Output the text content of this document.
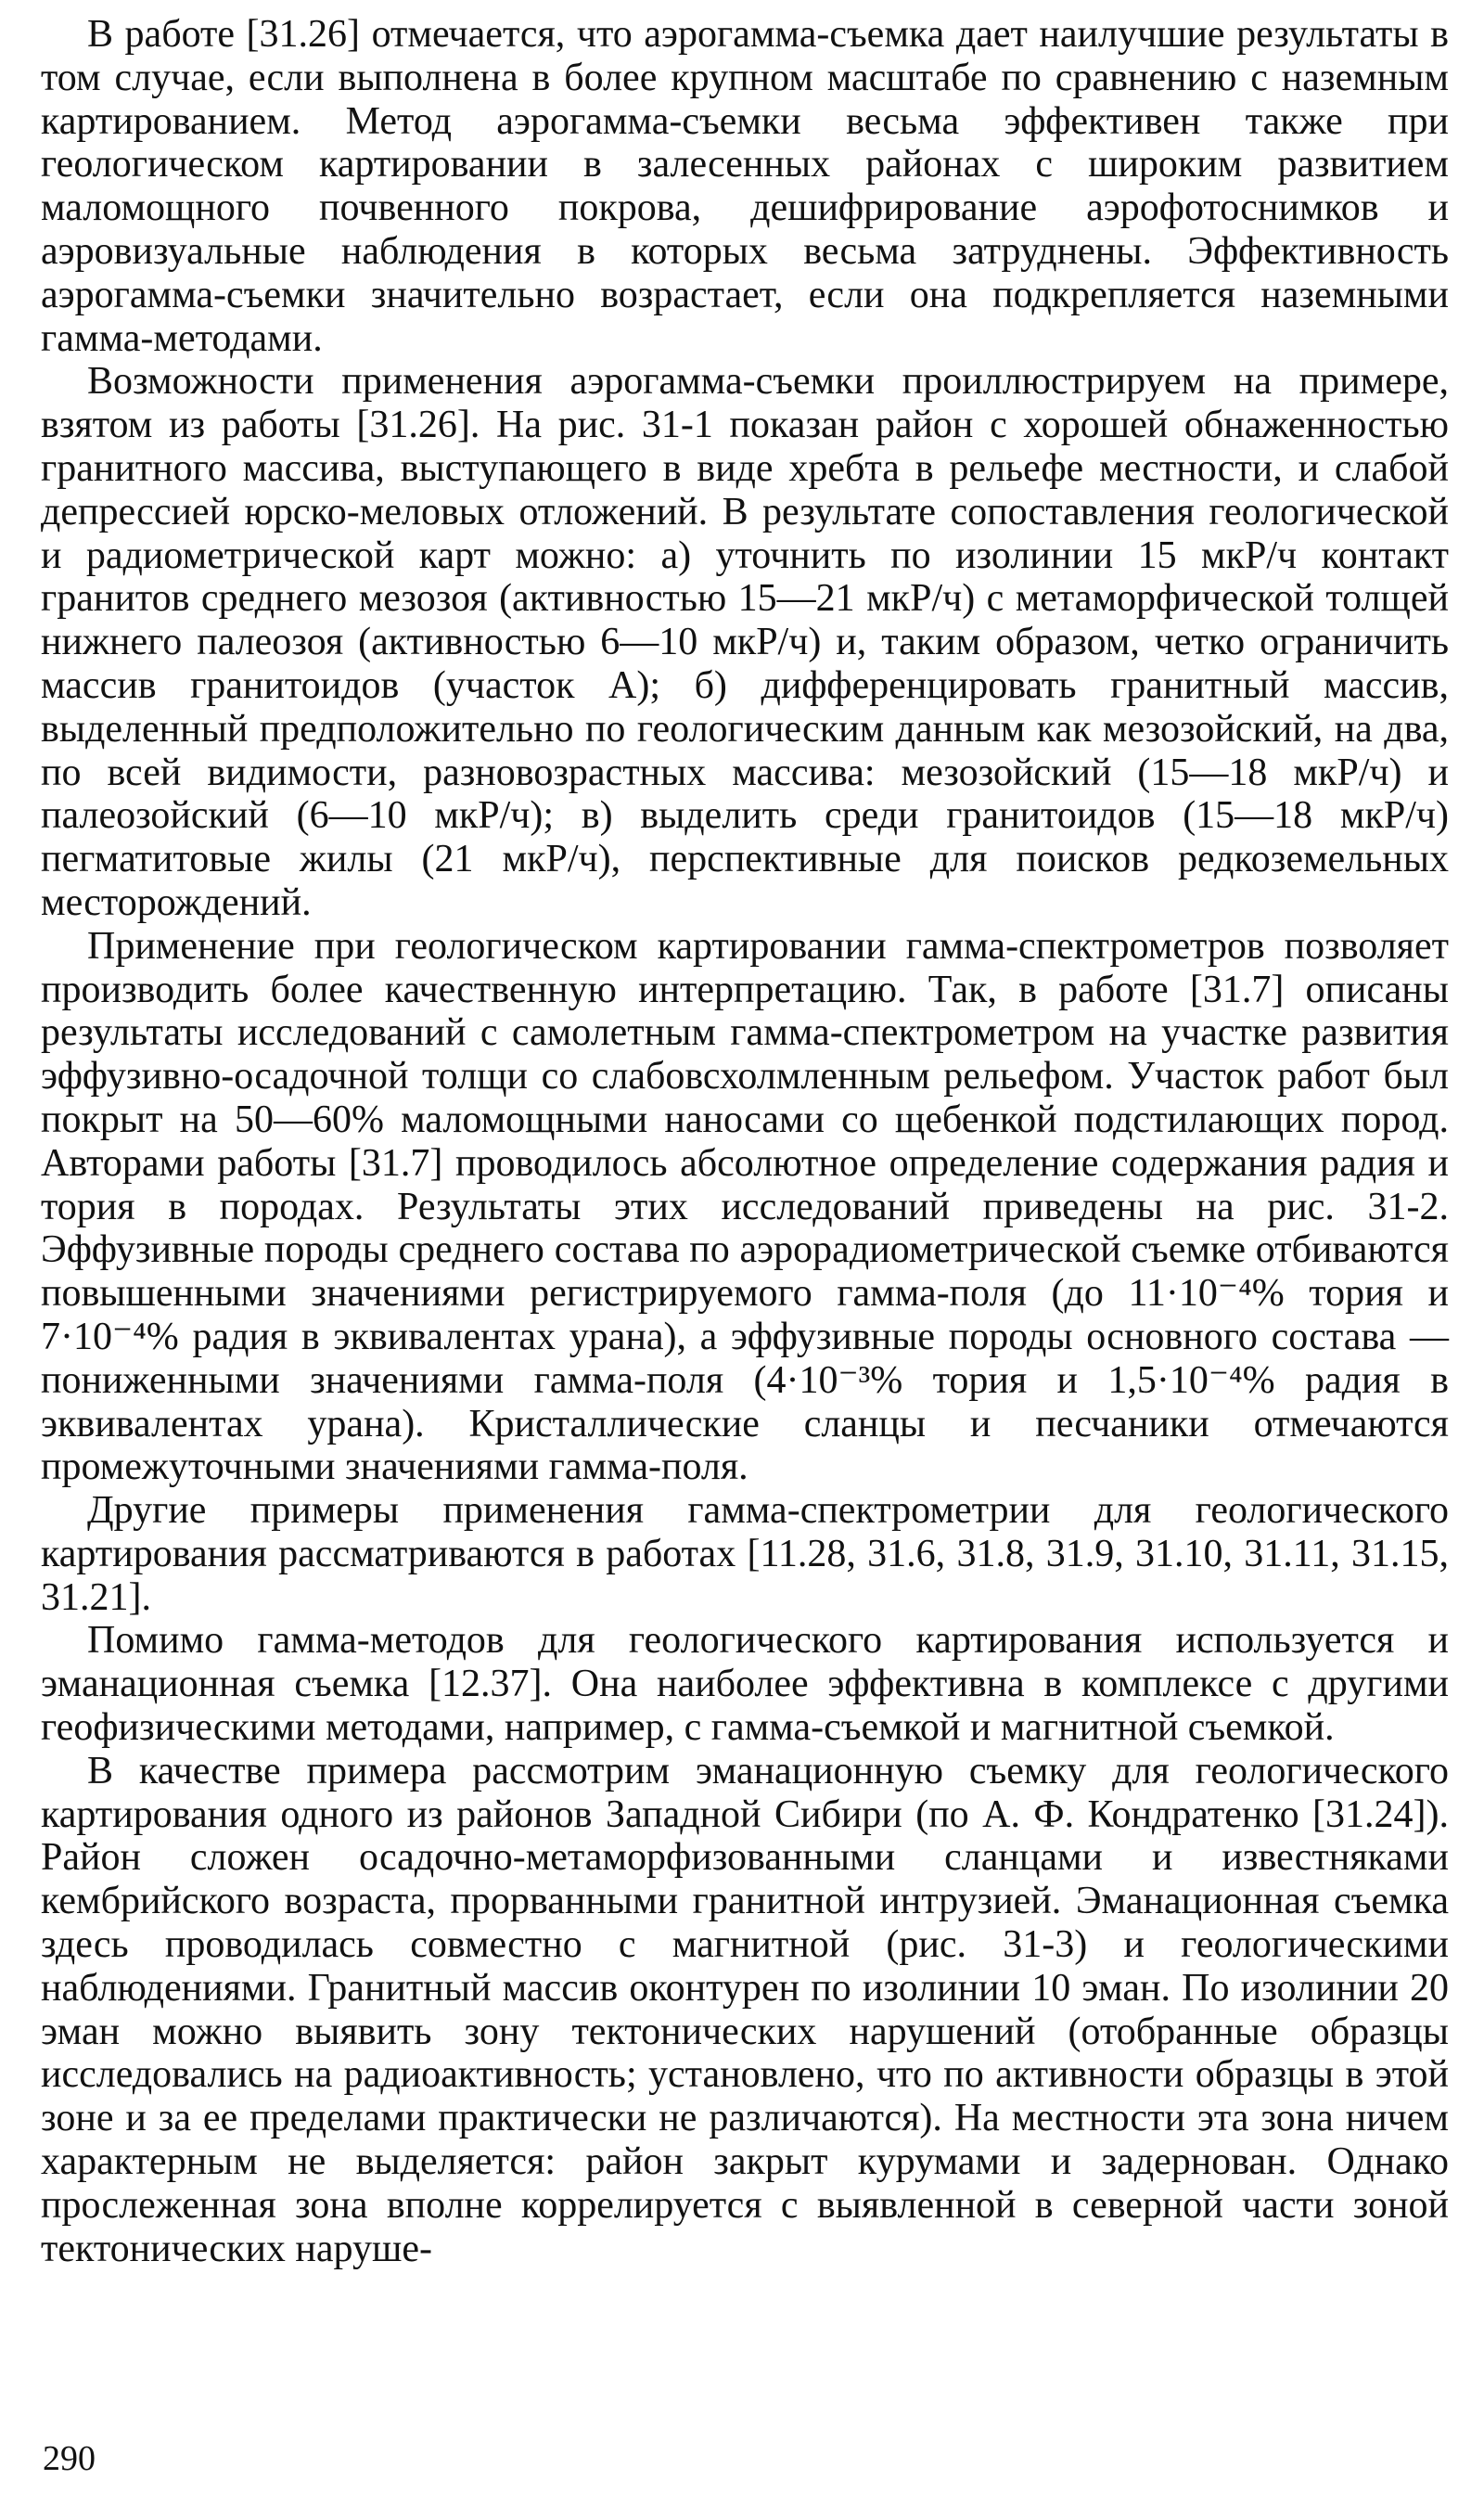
В работе [31.26] отмечается, что аэрогамма-съемка дает наилучшие результаты в том случае, если выполнена в более крупном масштабе по сравнению с наземным картированием. Метод аэрогамма-съемки весьма эффективен также при геологическом картировании в залесенных районах с широким развитием маломощного почвенного покрова, дешифрирование аэрофотоснимков и аэровизуальные наблюдения в которых весьма затруднены. Эффективность аэрогамма-съемки значительно возрастает, если она подкрепляется наземными гамма-методами.

Возможности применения аэрогамма-съемки проиллюстрируем на примере, взятом из работы [31.26]. На рис. 31-1 показан район с хорошей обнаженностью гранитного массива, выступающего в виде хребта в рельефе местности, и слабой депрессией юрско-меловых отложений. В результате сопоставления геологической и радиометрической карт можно: а) уточнить по изолинии 15 мкР/ч контакт гранитов среднего мезозоя (активностью 15—21 мкР/ч) с метаморфической толщей нижнего палеозоя (активностью 6—10 мкР/ч) и, таким образом, четко ограничить массив гранитоидов (участок А); б) дифференцировать гранитный массив, выделенный предположительно по геологическим данным как мезозойский, на два, по всей видимости, разновозрастных массива: мезозойский (15—18 мкР/ч) и палеозойский (6—10 мкР/ч); в) выделить среди гранитоидов (15—18 мкР/ч) пегматитовые жилы (21 мкР/ч), перспективные для поисков редкоземельных месторождений.

Применение при геологическом картировании гамма-спектрометров позволяет производить более качественную интерпретацию. Так, в работе [31.7] описаны результаты исследований с самолетным гамма-спектрометром на участке развития эффузивно-осадочной толщи со слабовсхолмленным рельефом. Участок работ был покрыт на 50—60% маломощными наносами со щебенкой подстилающих пород. Авторами работы [31.7] проводилось абсолютное определение содержания радия и тория в породах. Результаты этих исследований приведены на рис. 31-2. Эффузивные породы среднего состава по аэрорадиометрической съемке отбиваются повышенными значениями регистрируемого гамма-поля (до 11·10⁻⁴% тория и 7·10⁻⁴% радия в эквивалентах урана), а эффузивные породы основного состава — пониженными значениями гамма-поля (4·10⁻³% тория и 1,5·10⁻⁴% радия в эквивалентах урана). Кристаллические сланцы и песчаники отмечаются промежуточными значениями гамма-поля.

Другие примеры применения гамма-спектрометрии для геологического картирования рассматриваются в работах [11.28, 31.6, 31.8, 31.9, 31.10, 31.11, 31.15, 31.21].

Помимо гамма-методов для геологического картирования используется и эманационная съемка [12.37]. Она наиболее эффективна в комплексе с другими геофизическими методами, например, с гамма-съемкой и магнитной съемкой.

В качестве примера рассмотрим эманационную съемку для геологического картирования одного из районов Западной Сибири (по А. Ф. Кондратенко [31.24]). Район сложен осадочно-метаморфизованными сланцами и известняками кембрийского возраста, прорванными гранитной интрузией. Эманационная съемка здесь проводилась совместно с магнитной (рис. 31-3) и геологическими наблюдениями. Гранитный массив оконтурен по изолинии 10 эман. По изолинии 20 эман можно выявить зону тектонических нарушений (отобранные образцы исследовались на радиоактивность; установлено, что по активности образцы в этой зоне и за ее пределами практически не различаются). На местности эта зона ничем характерным не выделяется: район закрыт курумами и задернован. Однако прослеженная зона вполне коррелируется с выявленной в северной части зоной тектонических наруше-

290
